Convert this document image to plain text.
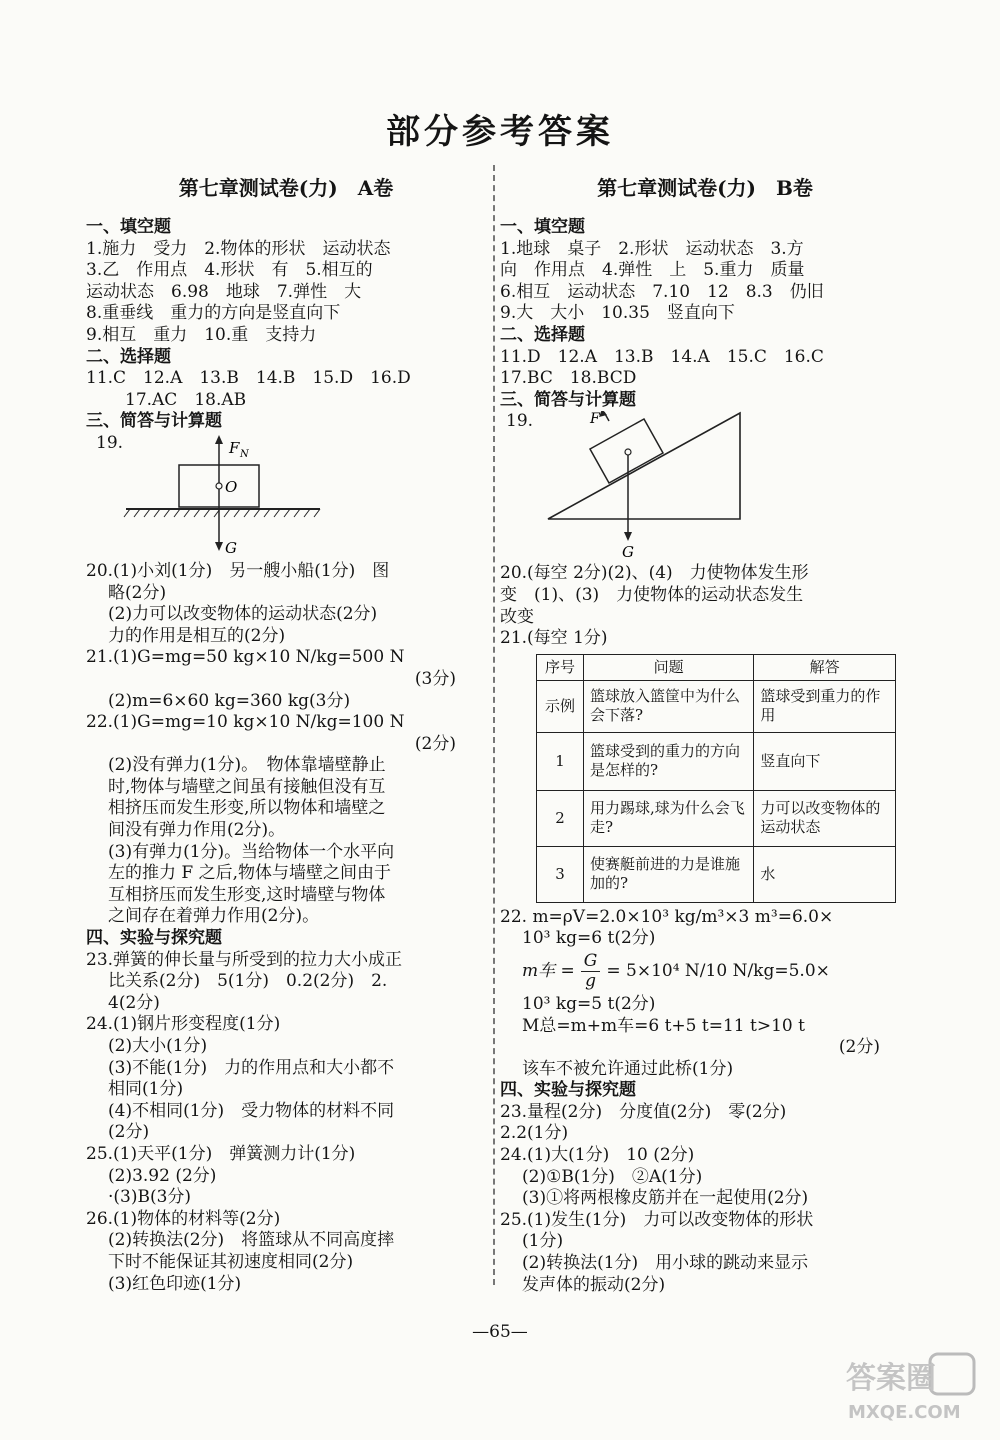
部分参考答案
第七章测试卷(力)　A卷
一、填空题
1.施力　受力　2.物体的形状　运动状态
3.乙　作用点　4.形状　有　5.相互的
运动状态　6.98　地球　7.弹性　大
8.重垂线　重力的方向是竖直向下
9.相互　重力　10.重　支持力
二、选择题
11.C　12.A　13.B　14.B　15.D　16.D
　17.AC　18.AB
三、简答与计算题
19.	F N
O
G
20.(1)小刘(1分)　另一艘小船(1分)　图
略(2分)
(2)力可以改变物体的运动状态(2分)
力的作用是相互的(2分)
21.(1)G=mg=50 kg×10 N/kg=500 N
(3分)
(2)m=6×60 kg=360 kg(3分)
22.(1)G=mg=10 kg×10 N/kg=100 N
(2分)
(2)没有弹力(1分)。　物体靠墙壁静止
时,物体与墙壁之间虽有接触但没有互
相挤压而发生形变,所以物体和墙壁之
间没有弹力作用(2分)。
(3)有弹力(1分)。当给物体一个水平向
左的推力 F 之后,物体与墙壁之间由于
互相挤压而发生形变,这时墙壁与物体
之间存在着弹力作用(2分)。
四、实验与探究题
23.弹簧的伸长量与所受到的拉力大小成正
比关系(2分)　5(1分)　0.2(2分)　2.
4(2分)
24.(1)钢片形变程度(1分)
(2)大小(1分)
(3)不能(1分)　力的作用点和大小都不
相同(1分)
(4)不相同(1分)　受力物体的材料不同
(2分)
25.(1)天平(1分)　弹簧测力计(1分)
(2)3.92 (2分)
·(3)B(3分)
26.(1)物体的材料等(2分)
(2)转换法(2分)　将篮球从不同高度摔
下时不能保证其初速度相同(2分)
(3)红色印迹(1分)
第七章测试卷(力)　B卷
一、填空题
1.地球　桌子　2.形状　运动状态　3.方
向　作用点　4.弹性　上　5.重力　质量
6.相互　运动状态　7.10　12　8.3　仍旧
9.大　大小　10.35　竖直向下
二、选择题
11.D　12.A　13.B　14.A　15.C　16.C
17.BC　18.BCD
三、简答与计算题
19.	F
G
20.(每空 2分)(2)、(4)　力使物体发生形
变　(1)、(3)　力使物体的运动状态发生
改变
21.(每空 1分)
序号	问题	解答
示例	篮球放入篮筐中为什么会下落?	篮球受到重力的作用
1	篮球受到的重力的方向是怎样的?	竖直向下
2	用力踢球,球为什么会飞走?	力可以改变物体的运动状态
3	使赛艇前进的力是谁施加的?	水
22. m=ρV=2.0×10³ kg/m³×3 m³=6.0×
10³ kg=6 t(2分)
m车 = $\frac{G}{g} = 5\times 10^4$ N/10 N/kg=5.0×
10³ kg=5 t(2分)
M总=m+m车=6 t+5 t=11 t>10 t
(2分)
该车不被允许通过此桥(1分)
四、实验与探究题
23.量程(2分)　分度值(2分)　零(2分)
2.2(1分)
24.(1)大(1分)　10 (2分)
(2)①B(1分)　②A(1分)
(3)①将两根橡皮筋并在一起使用(2分)
25.(1)发生(1分)　力可以改变物体的形状
(1分)
(2)转换法(1分)　用小球的跳动来显示
发声体的振动(2分)
—65—
答案圈
MXQE.COM
